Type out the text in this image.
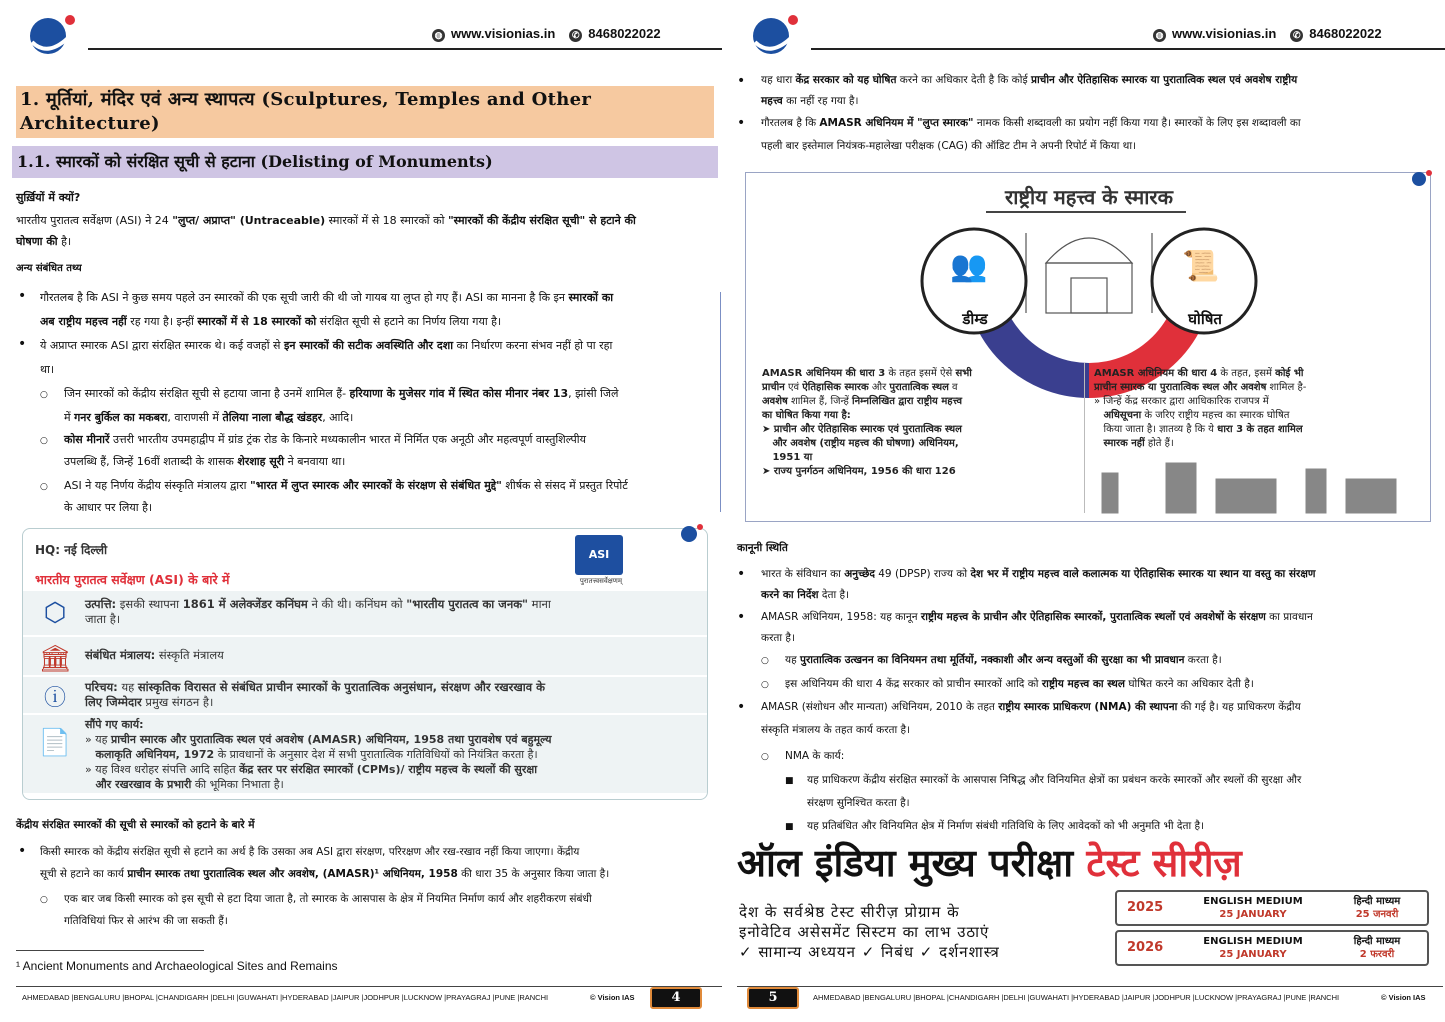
◍ www.visionias.in	✆ 8468022022
1. मूर्तियां, मंदिर एवं अन्य स्थापत्य (Sculptures, Temples and Other Architecture)
1.1. स्मारकों को संरक्षित सूची से हटाना (Delisting of Monuments)
सुर्ख़ियों में क्यों?
भारतीय पुरातत्व सर्वेक्षण (ASI) ने 24 "लुप्त/ अप्राप्त" (Untraceable) स्मारकों में से 18 स्मारकों को "स्मारकों की केंद्रीय संरक्षित सूची" से हटाने की
घोषणा की है।
अन्य संबंधित तथ्य
• गौरतलब है कि ASI ने कुछ समय पहले उन स्मारकों की एक सूची जारी की थी जो गायब या लुप्त हो गए हैं। ASI का मानना है कि इन स्मारकों का
अब राष्ट्रीय महत्त्व नहीं रह गया है। इन्हीं स्मारकों में से 18 स्मारकों को संरक्षित सूची से हटाने का निर्णय लिया गया है।
• ये अप्राप्त स्मारक ASI द्वारा संरक्षित स्मारक थे। कई वजहों से इन स्मारकों की सटीक अवस्थिति और दशा का निर्धारण करना संभव नहीं हो पा रहा
था।
○ जिन स्मारकों को केंद्रीय संरक्षित सूची से हटाया जाना है उनमें शामिल हैं- हरियाणा के मुजेसर गांव में स्थित कोस मीनार नंबर 13, झांसी जिले
में गनर बुर्किल का मकबरा, वाराणसी में तेलिया नाला बौद्ध खंडहर, आदि।
○ कोस मीनारें उत्तरी भारतीय उपमहाद्वीप में ग्रांड ट्रंक रोड के किनारे मध्यकालीन भारत में निर्मित एक अनूठी और महत्वपूर्ण वास्तुशिल्पीय
उपलब्धि हैं, जिन्हें 16वीं शताब्दी के शासक शेरशाह सूरी ने बनवाया था।
○ ASI ने यह निर्णय केंद्रीय संस्कृति मंत्रालय द्वारा "भारत में लुप्त स्मारक और स्मारकों के संरक्षण से संबंधित मुद्दे" शीर्षक से संसद में प्रस्तुत रिपोर्ट
के आधार पर लिया है।
HQ: नई दिल्ली	ASI
पुरातत्त्वसर्वेक्षणम्
भारतीय पुरातत्व सर्वेक्षण (ASI) के बारे में
⬡	उत्पत्ति: इसकी स्थापना 1861 में अलेक्जेंडर कनिंघम ने की थी। कनिंघम को "भारतीय पुरातत्व का जनक" माना
जाता है।
🏛 संबंधित मंत्रालय: संस्कृति मंत्रालय
ⓘ	परिचय: यह सांस्कृतिक विरासत से संबंधित प्राचीन स्मारकों के पुरातात्विक अनुसंधान, संरक्षण और रखरखाव के
लिए जिम्मेदार प्रमुख संगठन है।
📄
सौंपे गए कार्य:
» यह प्राचीन स्मारक और पुरातात्विक स्थल एवं अवशेष (AMASR) अधिनियम, 1958 तथा पुरावशेष एवं बहुमूल्य
कलाकृति अधिनियम, 1972 के प्रावधानों के अनुसार देश में सभी पुरातात्विक गतिविधियों को नियंत्रित करता है।
» यह विश्व धरोहर संपत्ति आदि सहित केंद्र स्तर पर संरक्षित स्मारकों (CPMs)/ राष्ट्रीय महत्त्व के स्थलों की सुरक्षा
और रखरखाव के प्रभारी की भूमिका निभाता है।
केंद्रीय संरक्षित स्मारकों की सूची से स्मारकों को हटाने के बारे में
• किसी स्मारक को केंद्रीय संरक्षित सूची से हटाने का अर्थ है कि उसका अब ASI द्वारा संरक्षण, परिरक्षण और रख-रखाव नहीं किया जाएगा। केंद्रीय
सूची से हटाने का कार्य प्राचीन स्मारक तथा पुरातात्विक स्थल और अवशेष, (AMASR)¹ अधिनियम, 1958 की धारा 35 के अनुसार किया जाता है।
○ एक बार जब किसी स्मारक को इस सूची से हटा दिया जाता है, तो स्मारक के आसपास के क्षेत्र में नियमित निर्माण कार्य और शहरीकरण संबंधी
गतिविधियां फिर से आरंभ की जा सकती हैं।
¹ Ancient Monuments and Archaeological Sites and Remains
AHMEDABAD |BENGALURU |BHOPAL |CHANDIGARH |DELHI |GUWAHATI |HYDERABAD |JAIPUR |JODHPUR |LUCKNOW |PRAYAGRAJ |PUNE |RANCHI	© Vision IAS	4
◍ www.visionias.in	✆ 8468022022
• यह धारा केंद्र सरकार को यह घोषित करने का अधिकार देती है कि कोई प्राचीन और ऐतिहासिक स्मारक या पुरातात्विक स्थल एवं अवशेष राष्ट्रीय
महत्त्व का नहीं रह गया है।
• गौरतलब है कि AMASR अधिनियम में "लुप्त स्मारक" नामक किसी शब्दावली का प्रयोग नहीं किया गया है। स्मारकों के लिए इस शब्दावली का
पहली बार इस्तेमाल नियंत्रक-महालेखा परीक्षक (CAG) की ऑडिट टीम ने अपनी रिपोर्ट में किया था।
राष्ट्रीय महत्त्व के स्मारक
👥
डीम्ड
📜
घोषित
AMASR अधिनियम की धारा 3 के तहत इसमें ऐसे सभी
प्राचीन एवं ऐतिहासिक स्मारक और पुरातात्विक स्थल व
अवशेष शामिल हैं, जिन्हें निम्नलिखित द्वारा राष्ट्रीय महत्त्व
का घोषित किया गया है:
➤ प्राचीन और ऐतिहासिक स्मारक एवं पुरातात्विक स्थल
और अवशेष (राष्ट्रीय महत्त्व की घोषणा) अधिनियम,
1951 या
➤ राज्य पुनर्गठन अधिनियम, 1956 की धारा 126
AMASR अधिनियम की धारा 4 के तहत, इसमें कोई भी
प्राचीन स्मारक या पुरातात्विक स्थल और अवशेष शामिल है-
» जिन्हें केंद्र सरकार द्वारा आधिकारिक राजपत्र में
अधिसूचना के जरिए राष्ट्रीय महत्त्व का स्मारक घोषित
किया जाता है। ज्ञातव्य है कि ये धारा 3 के तहत शामिल
स्मारक नहीं होते हैं।
कानूनी स्थिति
• भारत के संविधान का अनुच्छेद 49 (DPSP) राज्य को देश भर में राष्ट्रीय महत्त्व वाले कलात्मक या ऐतिहासिक स्मारक या स्थान या वस्तु का संरक्षण
करने का निर्देश देता है।
• AMASR अधिनियम, 1958: यह कानून राष्ट्रीय महत्त्व के प्राचीन और ऐतिहासिक स्मारकों, पुरातात्विक स्थलों एवं अवशेषों के संरक्षण का प्रावधान
करता है।
○ यह पुरातात्विक उत्खनन का विनियमन तथा मूर्तियों, नक्काशी और अन्य वस्तुओं की सुरक्षा का भी प्रावधान करता है।
○ इस अधिनियम की धारा 4 केंद्र सरकार को प्राचीन स्मारकों आदि को राष्ट्रीय महत्त्व का स्थल घोषित करने का अधिकार देती है।
• AMASR (संशोधन और मान्यता) अधिनियम, 2010 के तहत राष्ट्रीय स्मारक प्राधिकरण (NMA) की स्थापना की गई है। यह प्राधिकरण केंद्रीय
संस्कृति मंत्रालय के तहत कार्य करता है।
○ NMA के कार्य:
■ यह प्राधिकरण केंद्रीय संरक्षित स्मारकों के आसपास निषिद्ध और विनियमित क्षेत्रों का प्रबंधन करके स्मारकों और स्थलों की सुरक्षा और
संरक्षण सुनिश्चित करता है।
■ यह प्रतिबंधित और विनियमित क्षेत्र में निर्माण संबंधी गतिविधि के लिए आवेदकों को भी अनुमति भी देता है।
ऑल इंडिया मुख्य परीक्षा टेस्ट सीरीज़
देश के सर्वश्रेष्ठ टेस्ट सीरीज़ प्रोग्राम के
इनोवेटिव असेसमेंट सिस्टम का लाभ उठाएं
✓ सामान्य अध्ययन ✓ निबंध ✓ दर्शनशास्त्र
2025	ENGLISH MEDIUM
25 JANUARY
हिन्दी माध्यम
25 जनवरी
2026	ENGLISH MEDIUM
25 JANUARY
हिन्दी माध्यम
2 फरवरी
5	AHMEDABAD |BENGALURU |BHOPAL |CHANDIGARH |DELHI |GUWAHATI |HYDERABAD |JAIPUR |JODHPUR |LUCKNOW |PRAYAGRAJ |PUNE |RANCHI	© Vision IAS
